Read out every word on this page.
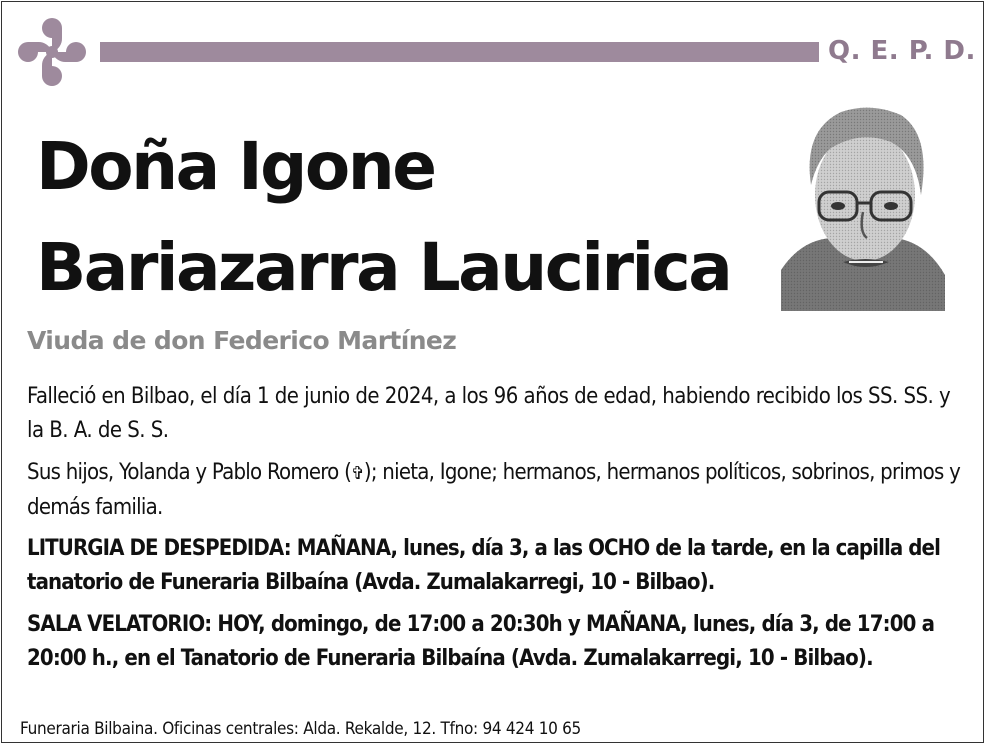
Q. E. P. D.
Doña Igone
Bariazarra Laucirica
Viuda de don Federico Martínez

Falleció en Bilbao, el día 1 de junio de 2024, a los 96 años de edad, habiendo recibido los SS. SS. y la B. A. de S. S.

Sus hijos, Yolanda y Pablo Romero (✞); nieta, Igone; hermanos, hermanos políticos, sobrinos, primos y demás familia.

LITURGIA DE DESPEDIDA: MAÑANA, lunes, día 3, a las OCHO de la tarde, en la capilla del tanatorio de Funeraria Bilbaína (Avda. Zumalakarregi, 10 - Bilbao).

SALA VELATORIO: HOY, domingo, de 17:00 a 20:30h y MAÑANA, lunes, día 3, de 17:00 a 20:00 h., en el Tanatorio de Funeraria Bilbaína (Avda. Zumalakarregi, 10 - Bilbao).

Funeraria Bilbaina. Oficinas centrales: Alda. Rekalde, 12. Tfno: 94 424 10 65
